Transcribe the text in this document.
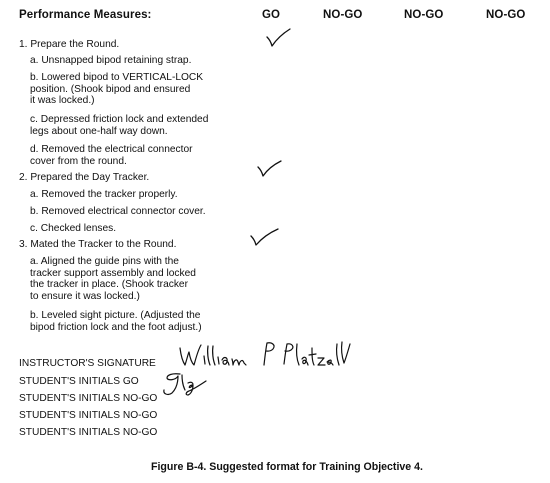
Performance Measures:	GO	NO-GO	NO-GO	NO-GO
1. Prepare the Round.
a. Unsnapped bipod retaining strap.
b. Lowered bipod to VERTICAL-LOCK
position. (Shook bipod and ensured
it was locked.)
c. Depressed friction lock and extended
legs about one-half way down.
d. Removed the electrical connector
cover from the round.
2. Prepared the Day Tracker.
a. Removed the tracker properly.
b. Removed electrical connector cover.
c. Checked lenses.
3. Mated the Tracker to the Round.
a. Aligned the guide pins with the
tracker support assembly and locked
the tracker in place. (Shook tracker
to ensure it was locked.)
b. Leveled sight picture. (Adjusted the
bipod friction lock and the foot adjust.)
INSTRUCTOR'S SIGNATURE
STUDENT'S INITIALS GO
STUDENT'S INITIALS NO-GO
STUDENT'S INITIALS NO-GO
STUDENT'S INITIALS NO-GO
Figure B-4. Suggested format for Training Objective 4.
